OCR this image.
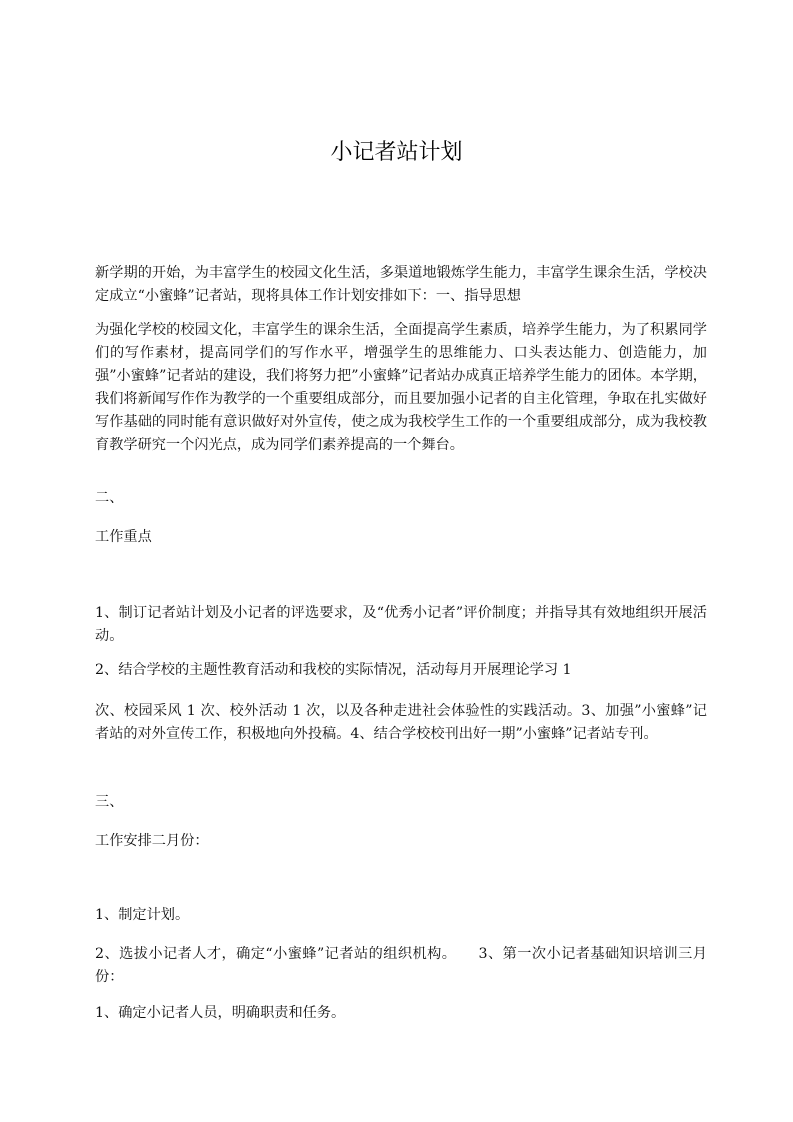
小记者站计划

新学期的开始，为丰富学生的校园文化生活，多渠道地锻炼学生能力，丰富学生课余生活，学校决定成立“小蜜蜂”记者站，现将具体工作计划安排如下：一、指导思想

为强化学校的校园文化，丰富学生的课余生活，全面提高学生素质，培养学生能力，为了积累同学们的写作素材，提高同学们的写作水平，增强学生的思维能力、口头表达能力、创造能力，加强”小蜜蜂”记者站的建设，我们将努力把”小蜜蜂”记者站办成真正培养学生能力的团体。本学期，我们将新闻写作作为教学的一个重要组成部分，而且要加强小记者的自主化管理，争取在扎实做好写作基础的同时能有意识做好对外宣传，使之成为我校学生工作的一个重要组成部分，成为我校教育教学研究一个闪光点，成为同学们素养提高的一个舞台。

二、

工作重点

1、制订记者站计划及小记者的评选要求，及“优秀小记者”评价制度；并指导其有效地组织开展活动。

2、结合学校的主题性教育活动和我校的实际情况，活动每月开展理论学习 1

次、校园采风 1 次、校外活动 1 次，以及各种走进社会体验性的实践活动。3、加强”小蜜蜂”记者站的对外宣传工作，积极地向外投稿。4、结合学校校刊出好一期”小蜜蜂”记者站专刊。

三、

工作安排二月份：

1、制定计划。

2、选拔小记者人才，确定“小蜜蜂”记者站的组织机构。　　3、第一次小记者基础知识培训三月份：

1、确定小记者人员，明确职责和任务。
